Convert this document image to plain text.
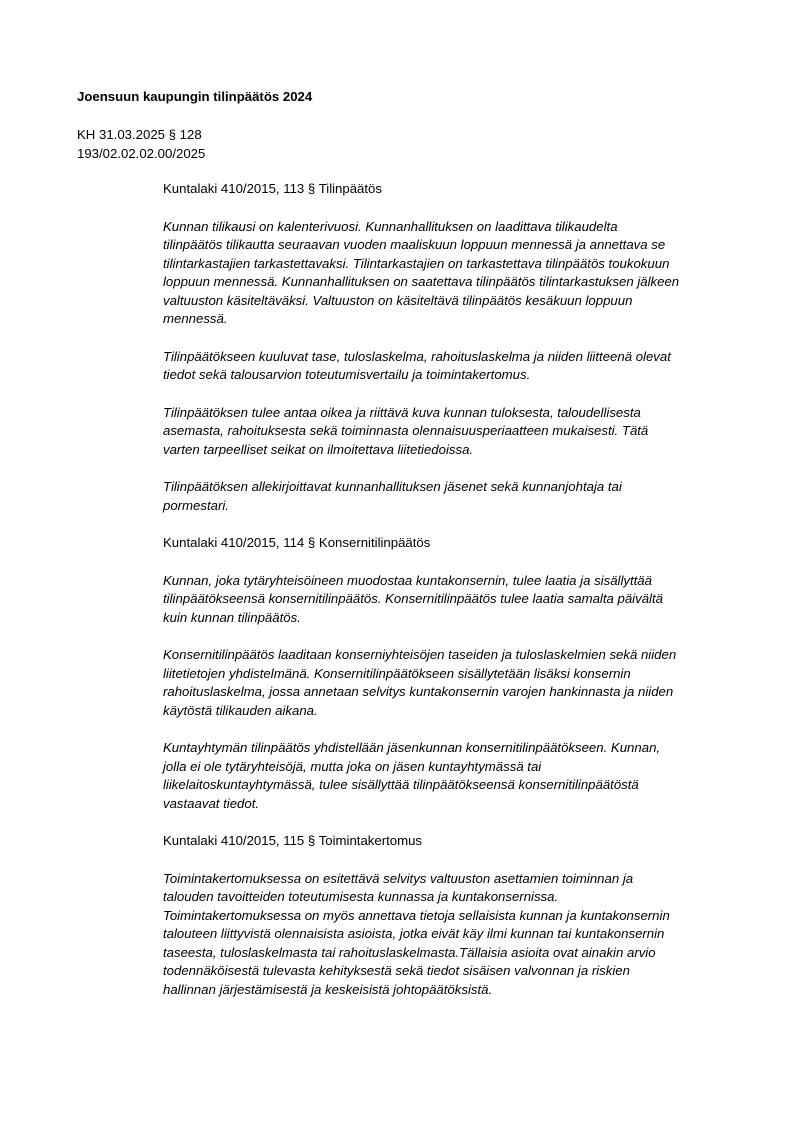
Joensuun kaupungin tilinpäätös 2024

KH 31.03.2025 § 128
193/02.02.02.00/2025

Kuntalaki 410/2015, 113 § Tilinpäätös

Kunnan tilikausi on kalenterivuosi. Kunnanhallituksen on laadittava tilikaudelta
tilinpäätös tilikautta seuraavan vuoden maaliskuun loppuun mennessä ja annettava se
tilintarkastajien tarkastettavaksi. Tilintarkastajien on tarkastettava tilinpäätös toukokuun
loppuun mennessä. Kunnanhallituksen on saatettava tilinpäätös tilintarkastuksen jälkeen
valtuuston käsiteltäväksi. Valtuuston on käsiteltävä tilinpäätös kesäkuun loppuun
mennessä.

Tilinpäätökseen kuuluvat tase, tuloslaskelma, rahoituslaskelma ja niiden liitteenä olevat
tiedot sekä talousarvion toteutumisvertailu ja toimintakertomus.

Tilinpäätöksen tulee antaa oikea ja riittävä kuva kunnan tuloksesta, taloudellisesta
asemasta, rahoituksesta sekä toiminnasta olennaisuusperiaatteen mukaisesti. Tätä
varten tarpeelliset seikat on ilmoitettava liitetiedoissa.

Tilinpäätöksen allekirjoittavat kunnanhallituksen jäsenet sekä kunnanjohtaja tai
pormestari.

Kuntalaki 410/2015, 114 § Konsernitilinpäätös

Kunnan, joka tytäryhteisöineen muodostaa kuntakonsernin, tulee laatia ja sisällyttää
tilinpäätökseensä konsernitilinpäätös. Konsernitilinpäätös tulee laatia samalta päivältä
kuin kunnan tilinpäätös.

Konsernitilinpäätös laaditaan konserniyhteisöjen taseiden ja tuloslaskelmien sekä niiden
liitetietojen yhdistelmänä. Konsernitilinpäätökseen sisällytetään lisäksi konsernin
rahoituslaskelma, jossa annetaan selvitys kuntakonsernin varojen hankinnasta ja niiden
käytöstä tilikauden aikana.

Kuntayhtymän tilinpäätös yhdistellään jäsenkunnan konsernitilinpäätökseen. Kunnan,
jolla ei ole tytäryhteisöjä, mutta joka on jäsen kuntayhtymässä tai
liikelaitoskuntayhtymässä, tulee sisällyttää tilinpäätökseensä konsernitilinpäätöstä
vastaavat tiedot.

Kuntalaki 410/2015, 115 § Toimintakertomus

Toimintakertomuksessa on esitettävä selvitys valtuuston asettamien toiminnan ja
talouden tavoitteiden toteutumisesta kunnassa ja kuntakonsernissa.
Toimintakertomuksessa on myös annettava tietoja sellaisista kunnan ja kuntakonsernin
talouteen liittyvistä olennaisista asioista, jotka eivät käy ilmi kunnan tai kuntakonsernin
taseesta, tuloslaskelmasta tai rahoituslaskelmasta.Tällaisia asioita ovat ainakin arvio
todennäköisestä tulevasta kehityksestä sekä tiedot sisäisen valvonnan ja riskien
hallinnan järjestämisestä ja keskeisistä johtopäätöksistä.
